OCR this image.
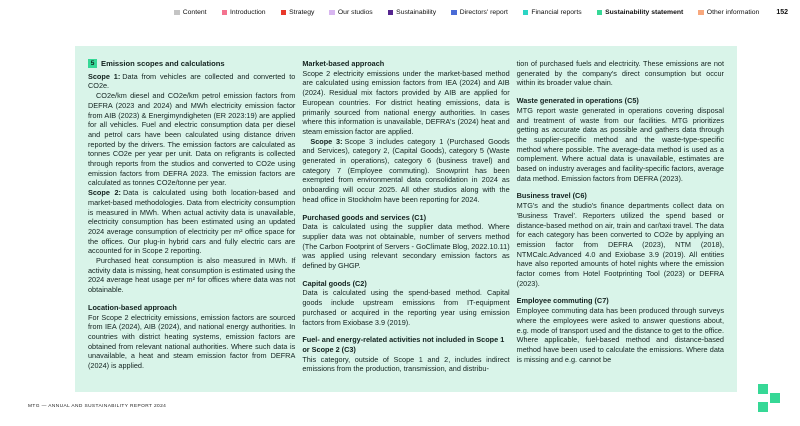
Content	Introduction	Strategy	Our studios	Sustainability	Directors' report	Financial reports	Sustainability statement	Other information 152
5 Emission scopes and calculations

Scope 1: Data from vehicles are collected and converted to CO2e.

CO2e/km diesel and CO2e/km petrol emission factors from DEFRA (2023 and 2024) and MWh electricity emission factor from AIB (2023) & Energimyndigheten (ER 2023:19) are applied for all vehicles. Fuel and electric consumption data per diesel and petrol cars have been calculated using distance driven reported by the drivers. The emission factors are calculated as tonnes CO2e per year per unit. Data on refigrants is collected through reports from the studios and converted to CO2e using emission factors from DEFRA 2023. The emission factors are calculated as tonnes CO2e/tonne per year.

Scope 2: Data is calculated using both location-based and market-based methodologies. Data from electricity consumption is measured in MWh. When actual activity data is unavailable, electricity consumption has been estimated using an updated 2024 average consumption of electricity per m² office space for the offices. Our plug-in hybrid cars and fully electric cars are accounted for in Scope 2 reporting.

Purchased heat consumption is also measured in MWh. If activity data is missing, heat consumption is estimated using the 2024 average heat usage per m² for offices where data was not obtainable.

Location-based approach

For Scope 2 electricity emissions, emission factors are sourced from IEA (2024), AIB (2024), and national energy authorities. In countries with district heating systems, emission factors are obtained from relevant national authorities. Where such data is unavailable, a heat and steam emission factor from DEFRA (2024) is applied.

Market-based approach

Scope 2 electricity emissions under the market-based method are calculated using emission factors from IEA (2024) and AIB (2024). Residual mix factors provided by AIB are applied for European countries. For district heating emissions, data is primarily sourced from national energy authorities. In cases where this information is unavailable, DEFRA's (2024) heat and steam emission factor are applied.

Scope 3: Scope 3 includes category 1 (Purchased Goods and Services), category 2, (Capital Goods), category 5 (Waste generated in operations), category 6 (business travel) and category 7 (Employee commuting). Snowprint has been exempted from environmental data consolidation in 2024 as onboarding will occur 2025. All other studios along with the head office in Stockholm have been reporting for 2024.

Purchased goods and services (C1)

Data is calculated using the supplier data method. Where supplier data was not obtainable, number of servers method (The Carbon Footprint of Servers - GoClimate Blog, 2022.10.11) was applied using relevant secondary emission factors as defined by GHGP.

Capital goods (C2)

Data is calculated using the spend-based method. Capital goods include upstream emissions from IT-equipment purchased or acquired in the reporting year using emission factors from Exiobase 3.9 (2019).

Fuel- and energy-related activities not included in Scope 1 or Scope 2 (C3)

This category, outside of Scope 1 and 2, includes indirect emissions from the production, transmission, and distribu-

tion of purchased fuels and electricity. These emissions are not generated by the company's direct consumption but occur within its broader value chain.

Waste generated in operations (C5)

MTG report waste generated in operations covering disposal and treatment of waste from our facilities. MTG prioritizes getting as accurate data as possible and gathers data through the supplier-specific method and the waste-type-specific method where possible. The average-data method is used as a complement. Where actual data is unavailable, estimates are based on industry averages and facility-specific factors, average data method. Emission factors from DEFRA (2023).

Business travel (C6)

MTG's and the studio's finance departments collect data on 'Business Travel'. Reporters utilized the spend based or distance-based method on air, train and car/taxi travel. The data for each category has been converted to CO2e by applying an emission factor from DEFRA (2023), NTM (2018), NTMCalc.Advanced 4.0 and Exiobase 3.9 (2019). All entities have also reported amounts of hotel nights where the emission factor comes from Hotel Footprinting Tool (2023) or DEFRA (2023).

Employee commuting (C7)

Employee commuting data has been produced through surveys where the employees were asked to answer questions about, e.g. mode of transport used and the distance to get to the office. Where applicable, fuel-based method and distance-based method have been used to calculate the emissions. Where data is missing and e.g. cannot be

MTG — ANNUAL AND SUSTAINABILITY REPORT 2024
